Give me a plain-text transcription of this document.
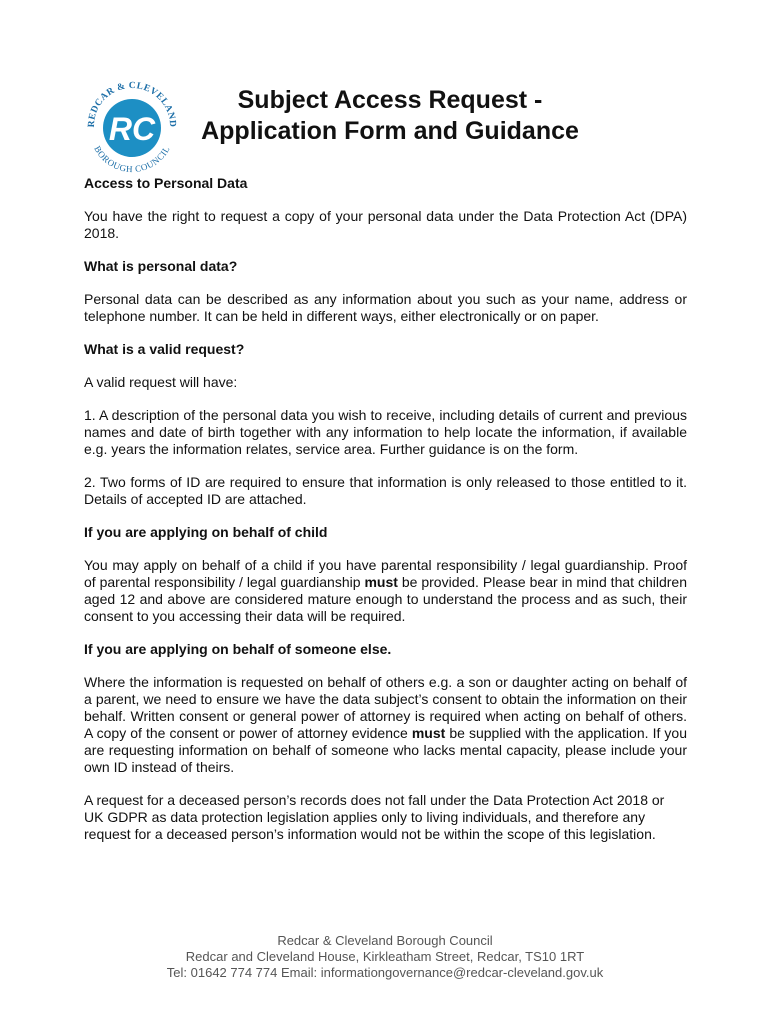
REDCAR & CLEVELAND
BOROUGH COUNCIL
RC
Subject Access Request -
Application Form and Guidance
Access to Personal Data

You have the right to request a copy of your personal data under the Data Protection Act (DPA) 2018.

What is personal data?

Personal data can be described as any information about you such as your name, address or telephone number. It can be held in different ways, either electronically or on paper.

What is a valid request?

A valid request will have:

1. A description of the personal data you wish to receive, including details of current and previous names and date of birth together with any information to help locate the information, if available e.g. years the information relates, service area. Further guidance is on the form.

2. Two forms of ID are required to ensure that information is only released to those entitled to it. Details of accepted ID are attached.

If you are applying on behalf of child

You may apply on behalf of a child if you have parental responsibility / legal guardianship. Proof of parental responsibility / legal guardianship must be provided. Please bear in mind that children aged 12 and above are considered mature enough to understand the process and as such, their consent to you accessing their data will be required.

If you are applying on behalf of someone else.

Where the information is requested on behalf of others e.g. a son or daughter acting on behalf of a parent, we need to ensure we have the data subject’s consent to obtain the information on their behalf. Written consent or general power of attorney is required when acting on behalf of others. A copy of the consent or power of attorney evidence must be supplied with the application. If you are requesting information on behalf of someone who lacks mental capacity, please include your own ID instead of theirs.

A request for a deceased person’s records does not fall under the Data Protection Act 2018 or UK GDPR as data protection legislation applies only to living individuals, and therefore any request for a deceased person’s information would not be within the scope of this legislation.

Redcar & Cleveland Borough Council
Redcar and Cleveland House, Kirkleatham Street, Redcar, TS10 1RT
Tel: 01642 774 774 Email: informationgovernance@redcar-cleveland.gov.uk
